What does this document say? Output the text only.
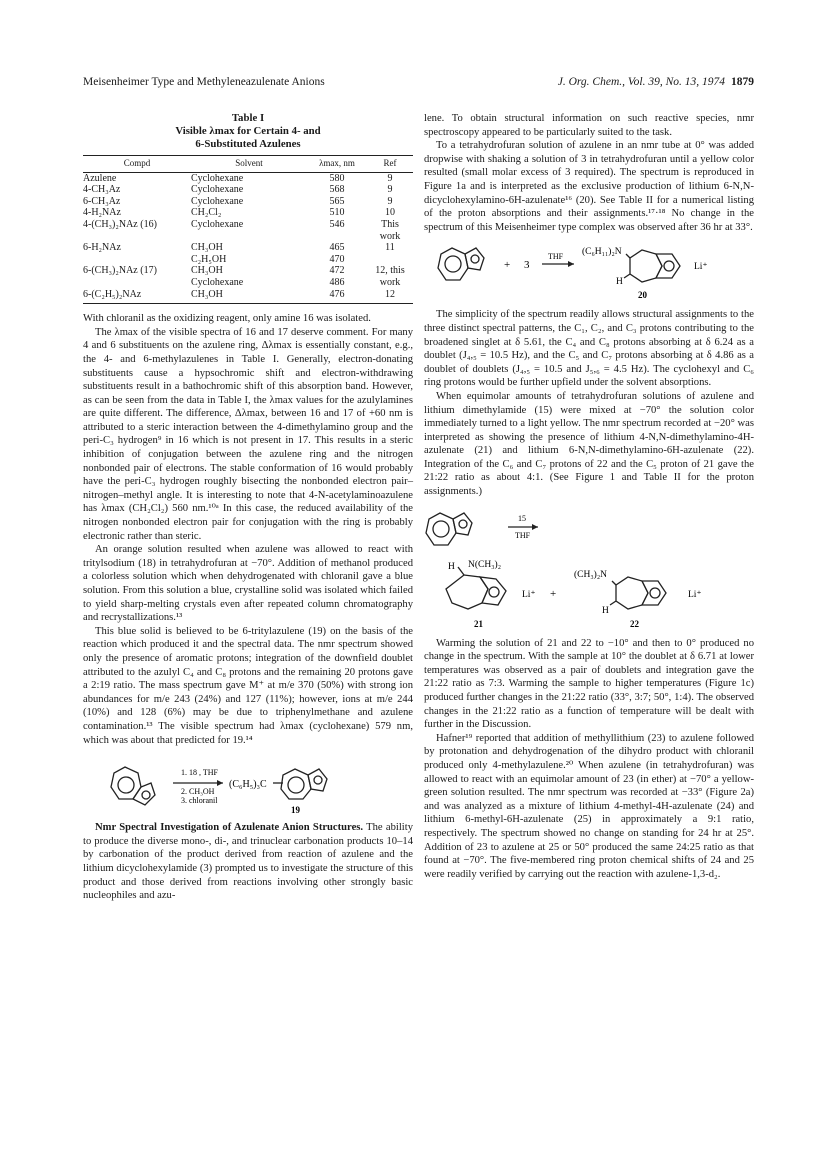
Meisenheimer Type and Methyleneazulenate Anions	J. Org. Chem., Vol. 39, No. 13, 1974 1879
Table I
Visible λmax for Certain 4- and
6-Substituted Azulenes
Compd	Solvent	λmax, nm	Ref
Azulene	Cyclohexane	580	9
4-CH₃Az	Cyclohexane	568	9
6-CH₃Az	Cyclohexane	565	9
4-H₂NAz	CH₂Cl₂	510	10
4-(CH₃)₂NAz (16)	Cyclohexane	546	This
			work
6-H₂NAz	CH₃OH	465	11
	C₂H₅OH	470	
6-(CH₃)₂NAz (17)	CH₃OH	472	12, this
	Cyclohexane	486	work
6-(C₂H₅)₂NAz	CH₃OH	476	12

With chloranil as the oxidizing reagent, only amine 16 was isolated.

The λmax of the visible spectra of 16 and 17 deserve comment. For many 4 and 6 substituents on the azulene ring, Δλmax is essentially constant, e.g., the 4- and 6-methylazulenes in Table I. Generally, electron-donating substituents cause a hypsochromic shift and electron-withdrawing substituents result in a bathochromic shift of this absorption band. However, as can be seen from the data in Table I, the λmax values for the azulylamines are quite different. The difference, Δλmax, between 16 and 17 of +60 nm is attributed to a steric interaction between the 4-dimethylamino group and the peri-C₃ hydrogen⁹ in 16 which is not present in 17. This results in a steric inhibition of conjugation between the azulene ring and the nitrogen nonbonded pair of electrons. The stable conformation of 16 would probably have the peri-C₃ hydrogen roughly bisecting the nonbonded electron pair–nitrogen–methyl angle. It is interesting to note that 4-N-acetylaminoazulene has λmax (CH₂Cl₂) 560 nm.¹⁰ᵃ In this case, the reduced availability of the nitrogen nonbonded electron pair for conjugation with the ring is probably electronic rather than steric.

An orange solution resulted when azulene was allowed to react with tritylsodium (18) in tetrahydrofuran at −70°. Addition of methanol produced a colorless solution which when dehydrogenated with chloranil gave a blue solution. From this solution a blue, crystalline solid was isolated which failed to yield sharp-melting crystals even after repeated column chromatography and recrystallizations.¹³

This blue solid is believed to be 6-tritylazulene (19) on the basis of the reaction which produced it and the spectral data. The nmr spectrum showed only the presence of aromatic protons; integration of the downfield doublet attributed to the azulyl C₄ and C₈ protons and the remaining 20 protons gave a 2:19 ratio. The mass spectrum gave M⁺ at m/e 370 (50%) with strong ion abundances for m/e 243 (24%) and 127 (11%); however, ions at m/e 244 (10%) and 128 (6%) may be due to triphenylmethane and azulene contamination.¹³ The visible spectrum had λmax (cyclohexane) 579 nm, which was about that predicted for 19.¹⁴

1. 18 , THF
2. CH₃OH
3. chloranil
(C₆H₅)₃C
19

Nmr Spectral Investigation of Azulenate Anion Structures. The ability to produce the diverse mono-, di-, and trinuclear carbonation products 10–14 by carbonation of the product derived from reaction of azulene and the lithium dicyclohexylamide (3) prompted us to investigate the structure of this product and those derived from reactions involving other strongly basic nucleophiles and azu-

lene. To obtain structural information on such reactive species, nmr spectroscopy appeared to be particularly suited to the task.

To a tetrahydrofuran solution of azulene in an nmr tube at 0° was added dropwise with shaking a solution of 3 in tetrahydrofuran until a yellow color resulted (small molar excess of 3 required). The spectrum is reproduced in Figure 1a and is interpreted as the exclusive production of lithium 6-N,N-dicyclohexylamino-6H-azulenate¹⁶ (20). See Table II for a numerical listing of the proton absorptions and their assignments.¹⁷·¹⁸ No change in the spectrum of this Meisenheimer type complex was observed after 36 hr at 33°.

+ 3
THF (C₆H₁₁)₂N
H
Li⁺
20

The simplicity of the spectrum readily allows structural assignments to the three distinct spectral patterns, the C₁, C₂, and C₃ protons contributing to the broadened singlet at δ 5.61, the C₄ and C₈ protons absorbing at δ 6.24 as a doublet (J₄,₅ = 10.5 Hz), and the C₅ and C₇ protons absorbing at δ 4.86 as a doublet of doublets (J₄,₅ = 10.5 and J₅,₆ = 4.5 Hz). The cyclohexyl and C₆ ring protons would be further upfield under the solvent absorptions.

When equimolar amounts of tetrahydrofuran solutions of azulene and lithium dimethylamide (15) were mixed at −70° the solution color immediately turned to a light yellow. The nmr spectrum recorded at −20° was interpreted as showing the presence of lithium 4-N,N-dimethylamino-4H-azulenate (21) and lithium 6-N,N-dimethylamino-6H-azulenate (22). Integration of the C₆ and C₇ protons of 22 and the C₅ proton of 21 gave the 21:22 ratio as about 4:1. (See Figure 1 and Table II for the proton assignments.)

15
THF
H N(CH₃)₂
Li⁺ +
(CH₃)₂N
H
Li⁺
21	22

Warming the solution of 21 and 22 to −10° and then to 0° produced no change in the spectrum. With the sample at 10° the doublet at δ 6.71 at lower temperatures was observed as a pair of doublets and integration gave the 21:22 ratio as 7:3. Warming the sample to higher temperatures (Figure 1c) produced further changes in the 21:22 ratio (33°, 3:7; 50°, 1:4). The observed changes in the 21:22 ratio as a function of temperature will be dealt with further in the Discussion.

Hafner¹⁹ reported that addition of methyllithium (23) to azulene followed by protonation and dehydrogenation of the dihydro product with chloranil produced only 4-methylazulene.²⁰ When azulene (in tetrahydrofuran) was allowed to react with an equimolar amount of 23 (in ether) at −70° a yellow-green solution resulted. The nmr spectrum was recorded at −33° (Figure 2a) and was analyzed as a mixture of lithium 4-methyl-4H-azulenate (24) and lithium 6-methyl-6H-azulenate (25) in approximately a 9:1 ratio, respectively. The spectrum showed no change on standing for 24 hr at 25°. Addition of 23 to azulene at 25 or 50° produced the same 24:25 ratio as that found at −70°. The five-membered ring proton chemical shifts of 24 and 25 were readily verified by carrying out the reaction with azulene-1,3-d₂.
